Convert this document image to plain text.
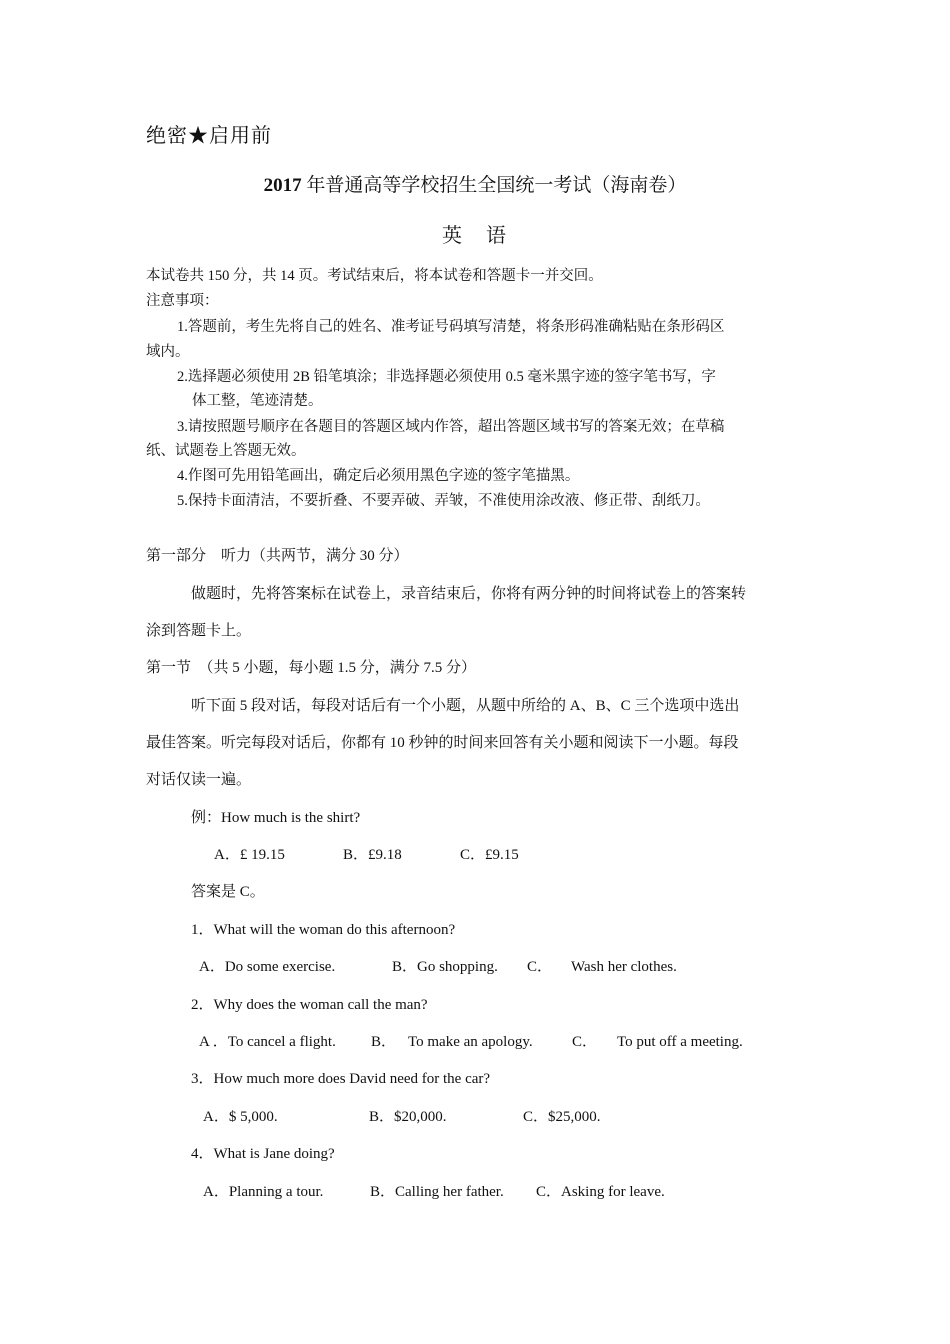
绝密★启用前
2017 年普通高等学校招生全国统一考试（海南卷）
英 语
本试卷共 150 分，共 14 页。考试结束后，将本试卷和答题卡一并交回。
注意事项：
1.答题前，考生先将自己的姓名、准考证号码填写清楚，将条形码准确粘贴在条形码区
域内。
2.选择题必须使用 2B 铅笔填涂；非选择题必须使用 0.5 毫米黑字迹的签字笔书写，字
体工整，笔迹清楚。
3.请按照题号顺序在各题目的答题区域内作答，超出答题区域书写的答案无效；在草稿
纸、试题卷上答题无效。
4.作图可先用铅笔画出，确定后必须用黑色字迹的签字笔描黑。
5.保持卡面清洁，不要折叠、不要弄破、弄皱，不准使用涂改液、修正带、刮纸刀。
第一部分　听力（共两节，满分 30 分）
做题时，先将答案标在试卷上，录音结束后，你将有两分钟的时间将试卷上的答案转
涂到答题卡上。
第一节　（共 5 小题，每小题 1.5 分，满分 7.5 分）
听下面 5 段对话，每段对话后有一个小题，从题中所给的 A、B、C 三个选项中选出
最佳答案。听完每段对话后，你都有 10 秒钟的时间来回答有关小题和阅读下一小题。每段
对话仅读一遍。
例：How much is the shirt?
A．£ 19.15	B．£9.18	C．£9.15
答案是 C。
1．What will the woman do this afternoon?
A．Do some exercise.	B．Go shopping. C． Wash her clothes.
2．Why does the woman call the man?
A ．To cancel a flight. B． To make an apology.	C． To put off a meeting.
3．How much more does David need for the car?
A．$ 5,000.	B．$20,000.	C．$25,000.
4．What is Jane doing?
A．Planning a tour.	B．Calling her father. C．Asking for leave.
